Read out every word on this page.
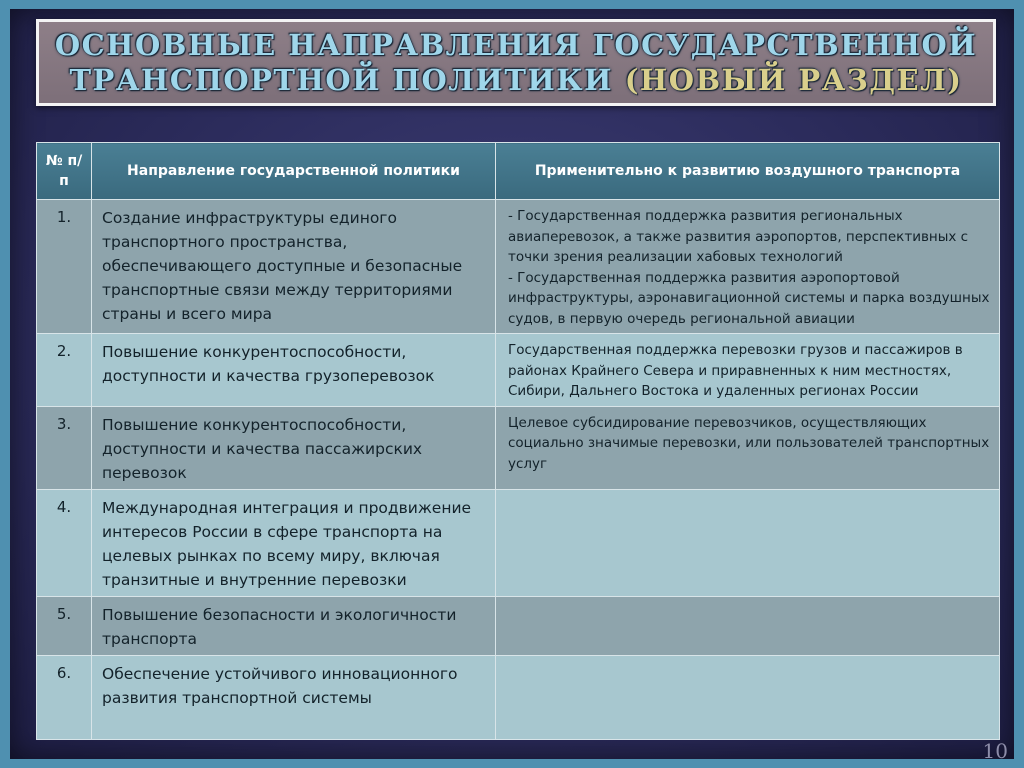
ОСНОВНЫЕ НАПРАВЛЕНИЯ ГОСУДАРСТВЕННОЙ
ТРАНСПОРТНОЙ ПОЛИТИКИ (НОВЫЙ РАЗДЕЛ)
№ п/п	Направление государственной политики	Применительно к развитию воздушного транспорта
1.	Создание инфраструктуры единого транспортного пространства, обеспечивающего доступные и безопасные транспортные связи между территориями страны и всего мира	- Государственная поддержка развития региональных авиаперевозок, а также развития аэропортов, перспективных с точки зрения реализации хабовых технологий
- Государственная поддержка развития аэропортовой инфраструктуры, аэронавигационной системы и парка воздушных судов, в первую очередь региональной авиации
2.	Повышение конкурентоспособности, доступности и качества грузоперевозок	Государственная поддержка перевозки грузов и пассажиров в районах Крайнего Севера и приравненных к ним местностях, Сибири, Дальнего Востока и удаленных регионах России
3.	Повышение конкурентоспособности, доступности и качества пассажирских перевозок	Целевое субсидирование перевозчиков, осуществляющих социально значимые перевозки, или пользователей транспортных услуг
4.	Международная интеграция и продвижение интересов России в сфере транспорта на целевых рынках по всему миру, включая транзитные и внутренние перевозки	
5.	Повышение безопасности и экологичности транспорта	
6.	Обеспечение устойчивого инновационного развития транспортной системы	
10
